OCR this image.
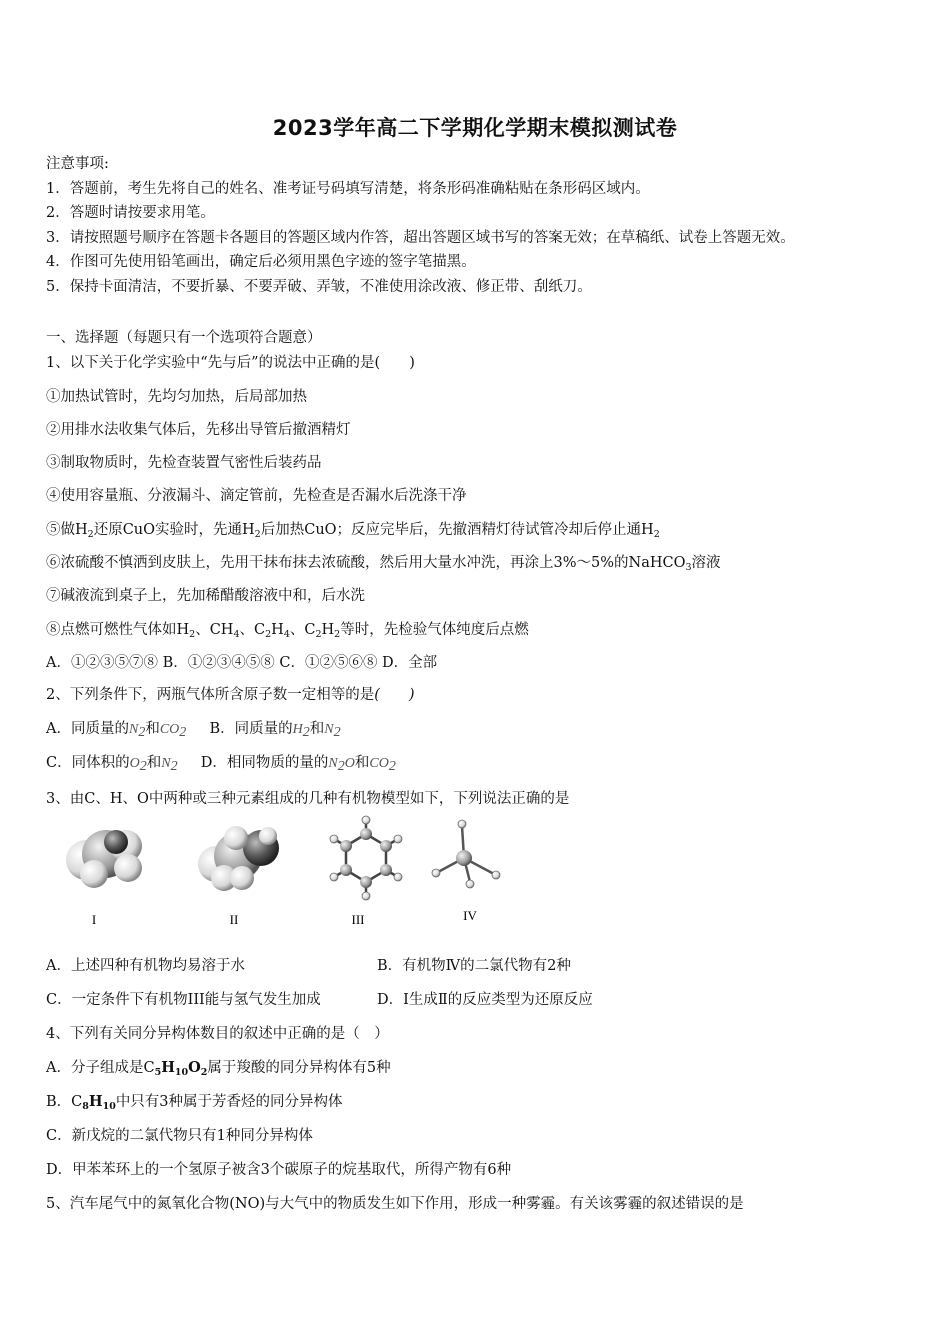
2023学年高二下学期化学期末模拟测试卷
注意事项:
1．答题前，考生先将自己的姓名、准考证号码填写清楚，将条形码准确粘贴在条形码区域内。
2．答题时请按要求用笔。
3．请按照题号顺序在答题卡各题目的答题区域内作答，超出答题区域书写的答案无效；在草稿纸、试卷上答题无效。
4．作图可先使用铅笔画出，确定后必须用黑色字迹的签字笔描黑。
5．保持卡面清洁，不要折暴、不要弄破、弄皱，不准使用涂改液、修正带、刮纸刀。
一、选择题（每题只有一个选项符合题意）
1、以下关于化学实验中“先与后”的说法中正确的是(　　)
①加热试管时，先均匀加热，后局部加热
②用排水法收集气体后，先移出导管后撤酒精灯
③制取物质时，先检查装置气密性后装药品
④使用容量瓶、分液漏斗、滴定管前，先检查是否漏水后洗涤干净
⑤做$H_2$还原CuO实验时，先通$H_2$后加热CuO；反应完毕后，先撤酒精灯待试管冷却后停止通$H_2$
⑥浓硫酸不慎洒到皮肤上，先用干抹布抹去浓硫酸，然后用大量水冲洗，再涂上3%～5%的NaHCO$_3$溶液
⑦碱液流到桌子上，先加稀醋酸溶液中和，后水洗
⑧点燃可燃性气体如$H_2$、$CH_4$、$C_2H_4$、$C_2H_2$等时，先检验气体纯度后点燃
A．①②③⑤⑦⑧ B．①②③④⑤⑧ C．①②⑤⑥⑧ D．全部
2、下列条件下，两瓶气体所含原子数一定相等的是(　　)
A．同质量的N2和CO2 B．同质量的H2和N2
C．同体积的O2和N2 D．相同物质的量的N2O和CO2
3、由C、H、O中两种或三种元素组成的几种有机物模型如下，下列说法正确的是
I	II	III	IV
A．上述四种有机物均易溶于水	B．有机物Ⅳ的二氯代物有2种
C．一定条件下有机物III能与氢气发生加成	D．I生成Ⅱ的反应类型为还原反应
4、下列有关同分异构体数目的叙述中正确的是（　）
A．分子组成是$C_5H_{10}O_2$属于羧酸的同分异构体有5种
B．$C_8H_{10}$中只有3种属于芳香烃的同分异构体
C．新戊烷的二氯代物只有1种同分异构体
D．甲苯苯环上的一个氢原子被含3个碳原子的烷基取代，所得产物有6种
5、汽车尾气中的氮氧化合物(NO)与大气中的物质发生如下作用，形成一种雾霾。有关该雾霾的叙述错误的是
